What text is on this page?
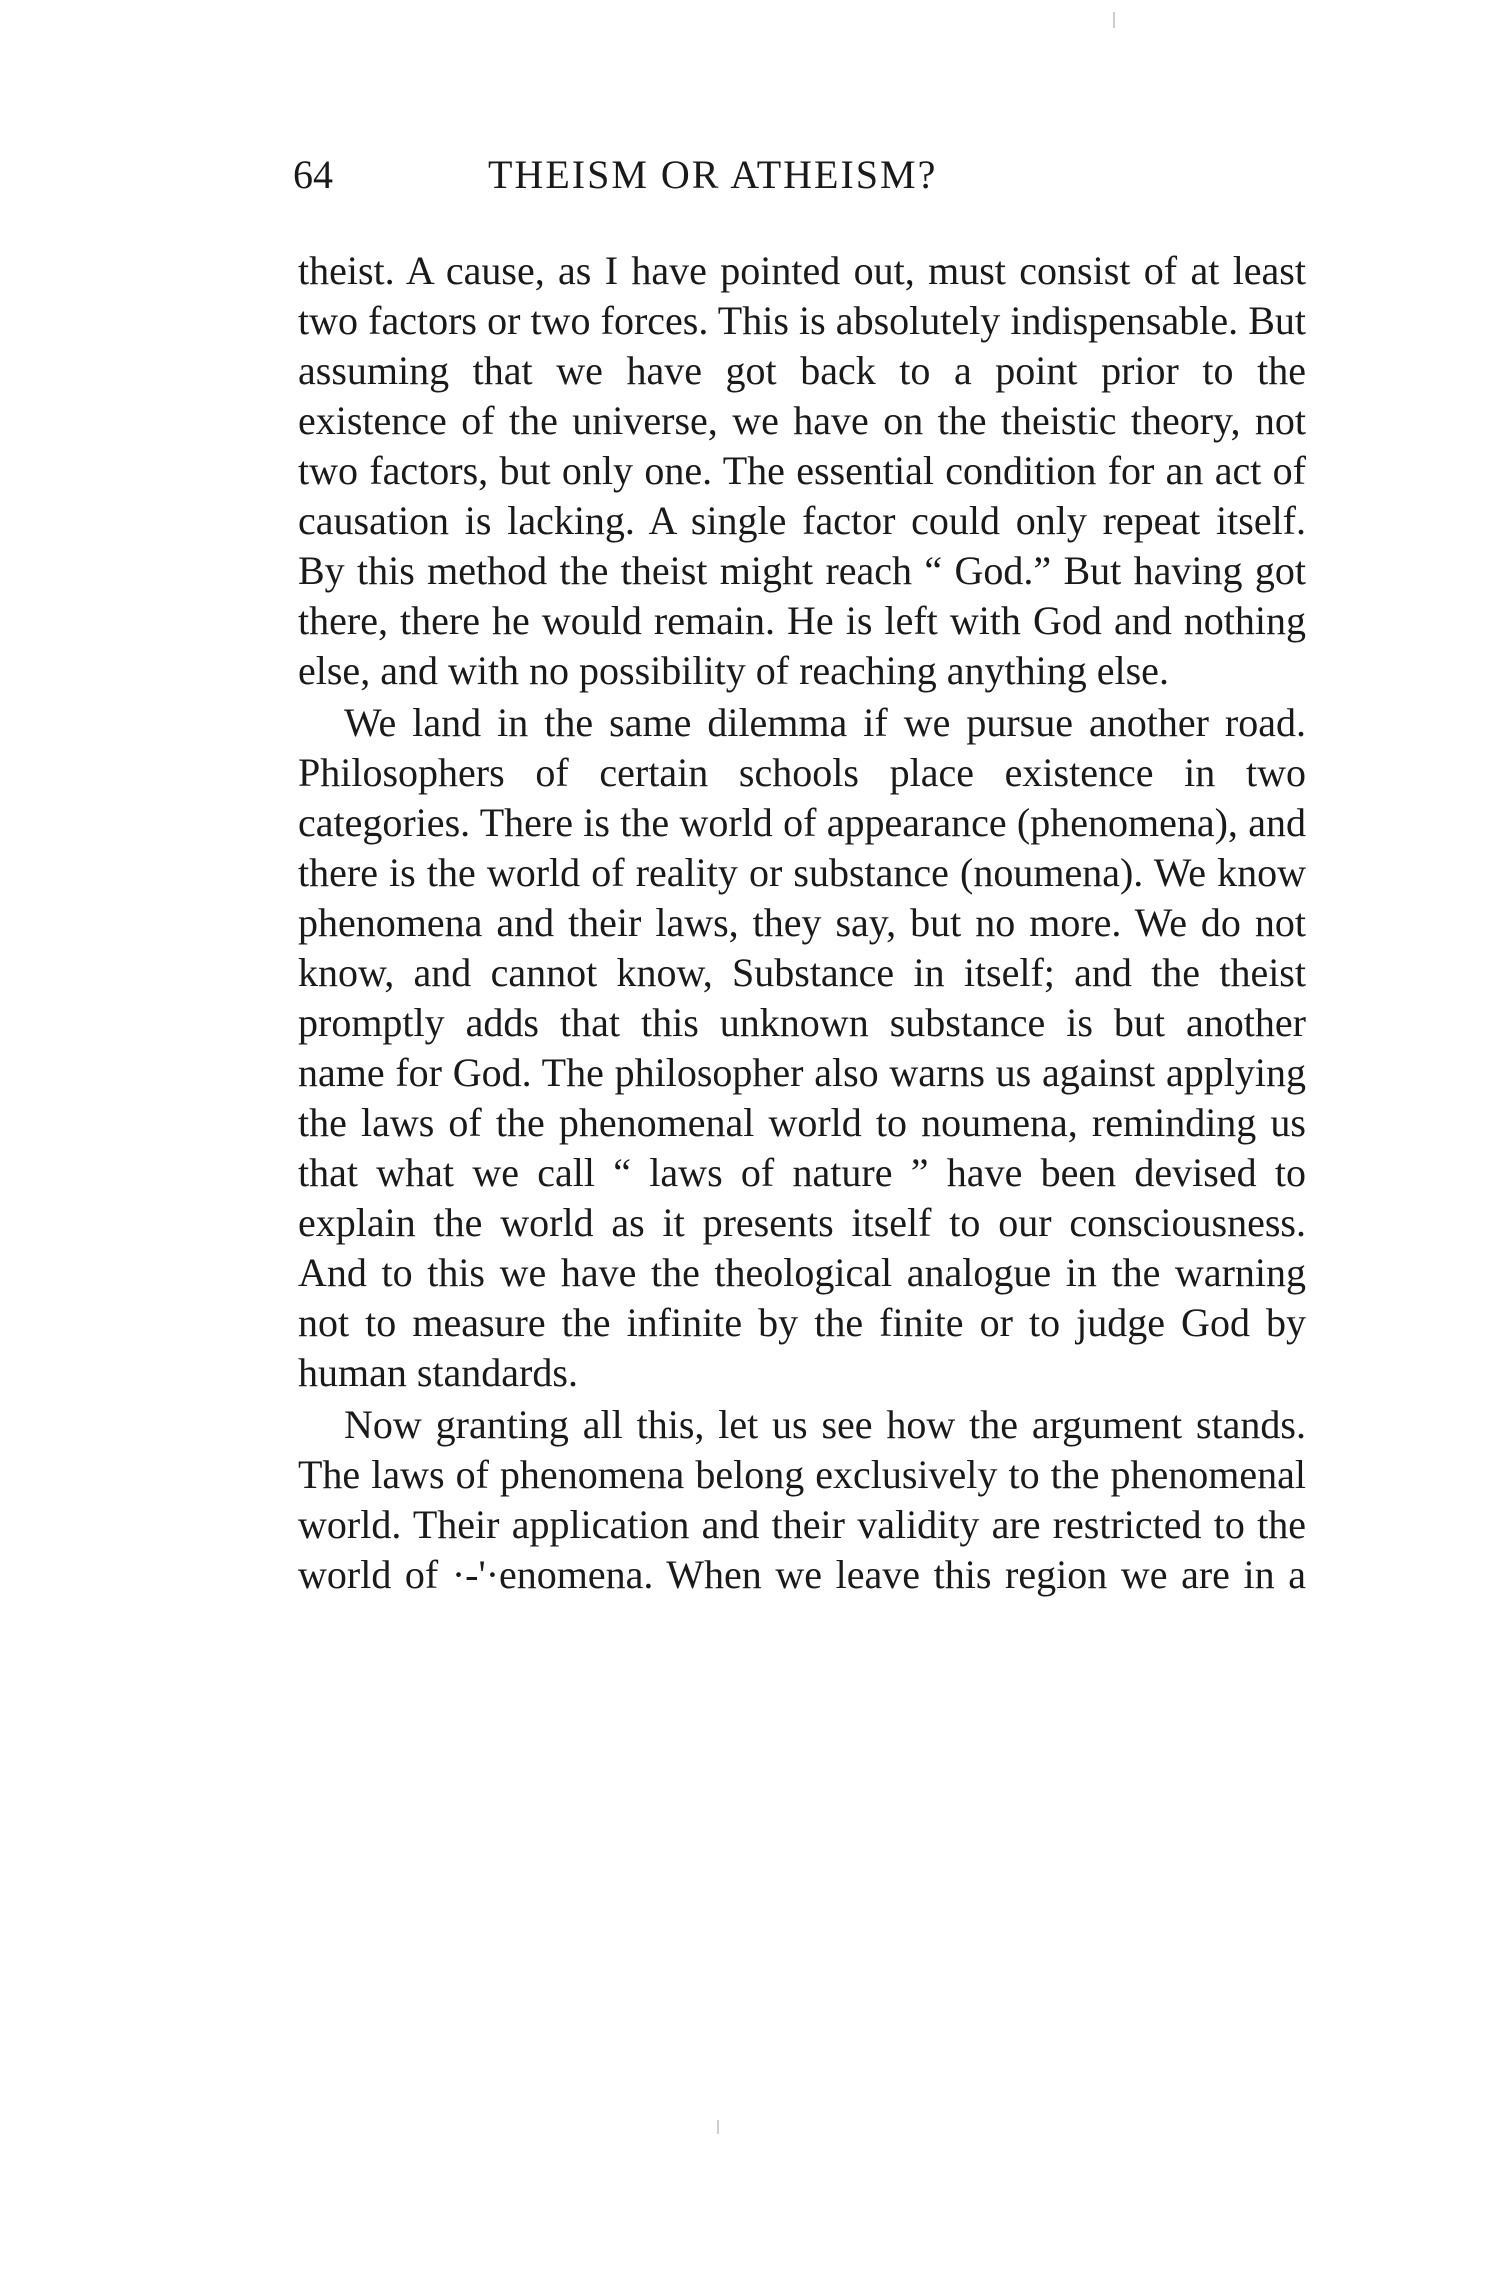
64	THEISM OR ATHEISM?

theist. A cause, as I have pointed out, must consist of at least two factors or two forces. This is absolutely indispensable. But assuming that we have got back to a point prior to the existence of the universe, we have on the theistic theory, not two factors, but only one. The essential condition for an act of causation is lacking. A single factor could only repeat itself. By this method the theist might reach “ God.” But having got there, there he would remain. He is left with God and nothing else, and with no possibility of reaching anything else.

We land in the same dilemma if we pursue another road. Philosophers of certain schools place existence in two categories. There is the world of appearance (phenomena), and there is the world of reality or substance (noumena). We know phenomena and their laws, they say, but no more. We do not know, and cannot know, Substance in itself; and the theist promptly adds that this unknown substance is but another name for God. The philosopher also warns us against applying the laws of the phenomenal world to noumena, reminding us that what we call “ laws of nature ” have been devised to explain the world as it presents itself to our consciousness. And to this we have the theological analogue in the warning not to measure the infinite by the finite or to judge God by human standards.

Now granting all this, let us see how the argument stands. The laws of phenomena belong exclusively to the phenomenal world. Their application and their validity are restricted to the world of ·-'·enomena. When we leave this region we are in a
